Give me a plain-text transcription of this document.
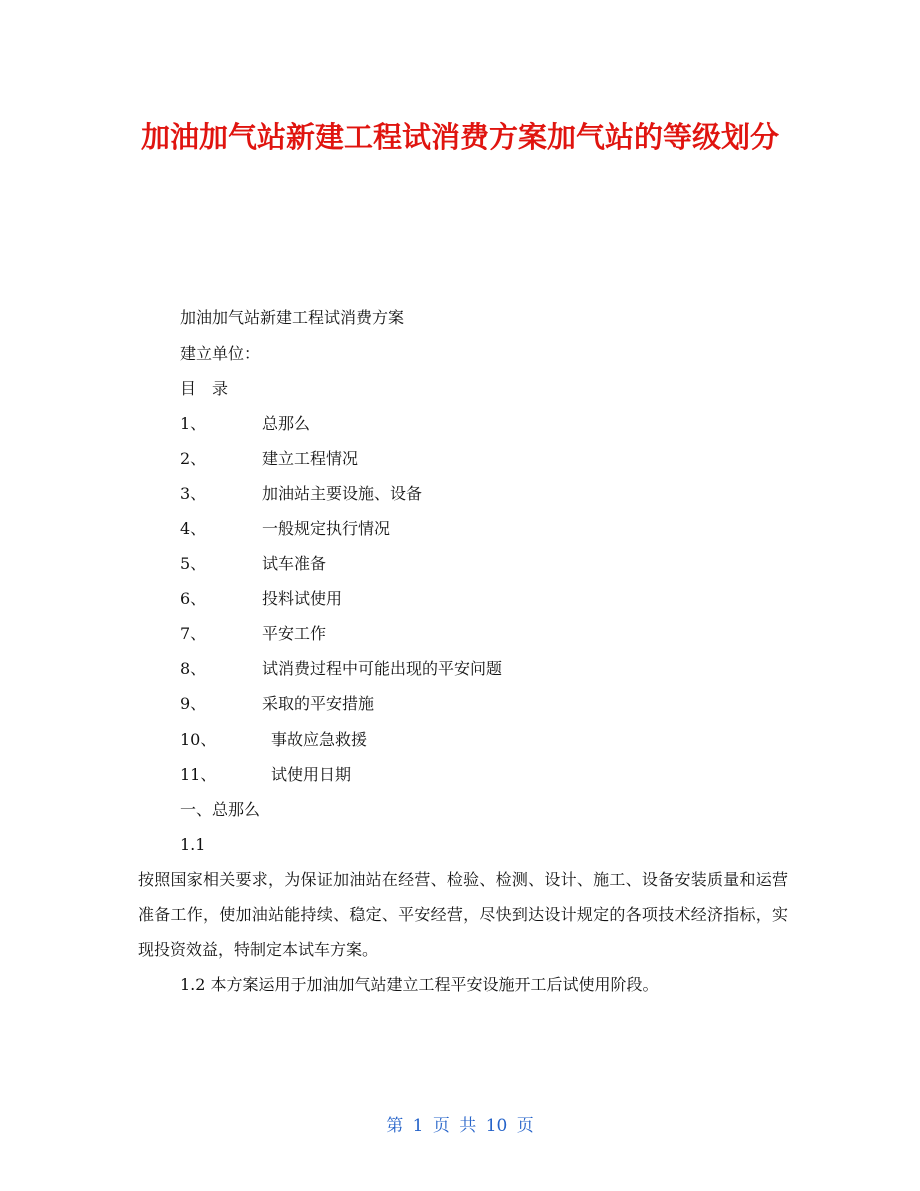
加油加气站新建工程试消费方案加气站的等级划分
加油加气站新建工程试消费方案
建立单位：
目　录
1、	总那么
2、	建立工程情况
3、	加油站主要设施、设备
4、	一般规定执行情况
5、	试车准备
6、	投料试使用
7、	平安工作
8、	试消费过程中可能出现的平安问题
9、	采取的平安措施
10、	事故应急救援
11、	试使用日期
一、总那么
1.1

按照国家相关要求，为保证加油站在经营、检验、检测、设计、施工、设备安装质量和运营准备工作，使加油站能持续、稳定、平安经营，尽快到达设计规定的各项技术经济指标，实现投资效益，特制定本试车方案。

1.2 本方案运用于加油加气站建立工程平安设施开工后试使用阶段。
第 1 页 共 10 页
